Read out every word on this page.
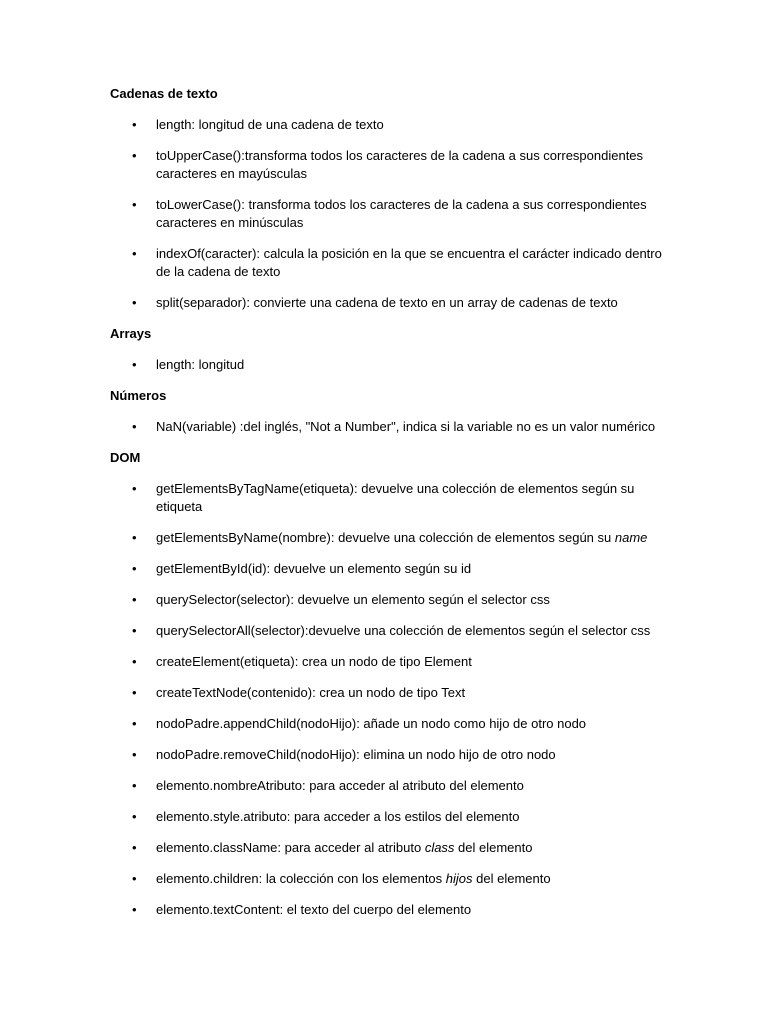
Cadenas de texto
• length: longitud de una cadena de texto
• toUpperCase():transforma todos los caracteres de la cadena a sus correspondientes caracteres en mayúsculas
• toLowerCase(): transforma todos los caracteres de la cadena a sus correspondientes caracteres en minúsculas
• indexOf(caracter): calcula la posición en la que se encuentra el carácter indicado dentro de la cadena de texto
• split(separador): convierte una cadena de texto en un array de cadenas de texto
Arrays
• length: longitud
Números
• NaN(variable) :del inglés, "Not a Number", indica si la variable no es un valor numérico
DOM
• getElementsByTagName(etiqueta): devuelve una colección de elementos según su etiqueta
• getElementsByName(nombre): devuelve una colección de elementos según su name
• getElementById(id): devuelve un elemento según su id
• querySelector(selector): devuelve un elemento según el selector css
• querySelectorAll(selector):devuelve una colección de elementos según el selector css
• createElement(etiqueta): crea un nodo de tipo Element
• createTextNode(contenido): crea un nodo de tipo Text
• nodoPadre.appendChild(nodoHijo): añade un nodo como hijo de otro nodo
• nodoPadre.removeChild(nodoHijo): elimina un nodo hijo de otro nodo
• elemento.nombreAtributo: para acceder al atributo del elemento
• elemento.style.atributo: para acceder a los estilos del elemento
• elemento.className: para acceder al atributo class del elemento
• elemento.children: la colección con los elementos hijos del elemento
• elemento.textContent: el texto del cuerpo del elemento
